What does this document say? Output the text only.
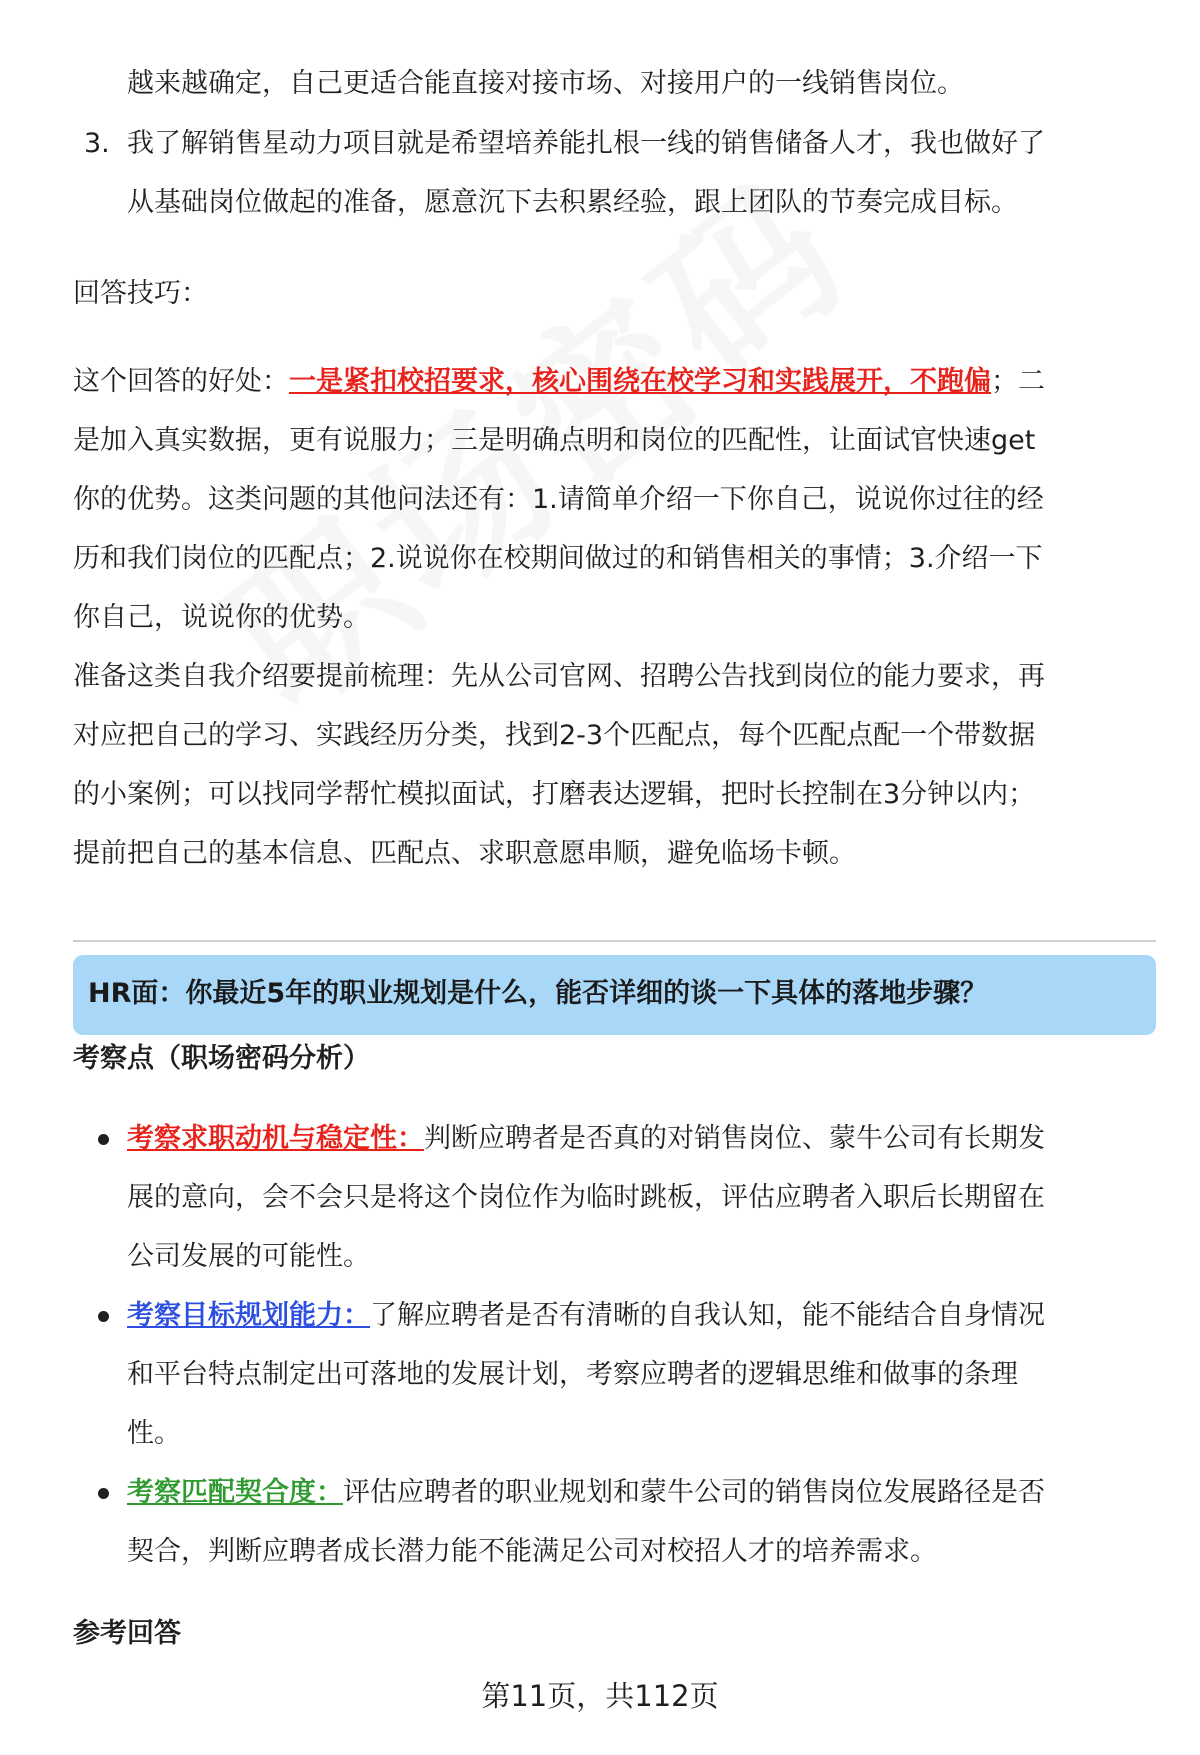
越来越确定，自己更适合能直接对接市场、对接用户的一线销售岗位。
3. 我了解销售星动力项目就是希望培养能扎根一线的销售储备人才，我也做好了
从基础岗位做起的准备，愿意沉下去积累经验，跟上团队的节奏完成目标。
回答技巧：
这个回答的好处：一是紧扣校招要求，核心围绕在校学习和实践展开，不跑偏；二
是加入真实数据，更有说服力；三是明确点明和岗位的匹配性，让面试官快速get
你的优势。这类问题的其他问法还有：1.请简单介绍一下你自己，说说你过往的经
历和我们岗位的匹配点；2.说说你在校期间做过的和销售相关的事情；3.介绍一下
你自己，说说你的优势。
准备这类自我介绍要提前梳理：先从公司官网、招聘公告找到岗位的能力要求，再
对应把自己的学习、实践经历分类，找到2-3个匹配点，每个匹配点配一个带数据
的小案例；可以找同学帮忙模拟面试，打磨表达逻辑，把时长控制在3分钟以内；
提前把自己的基本信息、匹配点、求职意愿串顺，避免临场卡顿。
HR面：你最近5年的职业规划是什么，能否详细的谈一下具体的落地步骤？
考察点（职场密码分析）
考察求职动机与稳定性：判断应聘者是否真的对销售岗位、蒙牛公司有长期发
展的意向，会不会只是将这个岗位作为临时跳板，评估应聘者入职后长期留在
公司发展的可能性。
考察目标规划能力：了解应聘者是否有清晰的自我认知，能不能结合自身情况
和平台特点制定出可落地的发展计划，考察应聘者的逻辑思维和做事的条理
性。
考察匹配契合度：评估应聘者的职业规划和蒙牛公司的销售岗位发展路径是否
契合，判断应聘者成长潜力能不能满足公司对校招人才的培养需求。
参考回答
第11页，共112页
